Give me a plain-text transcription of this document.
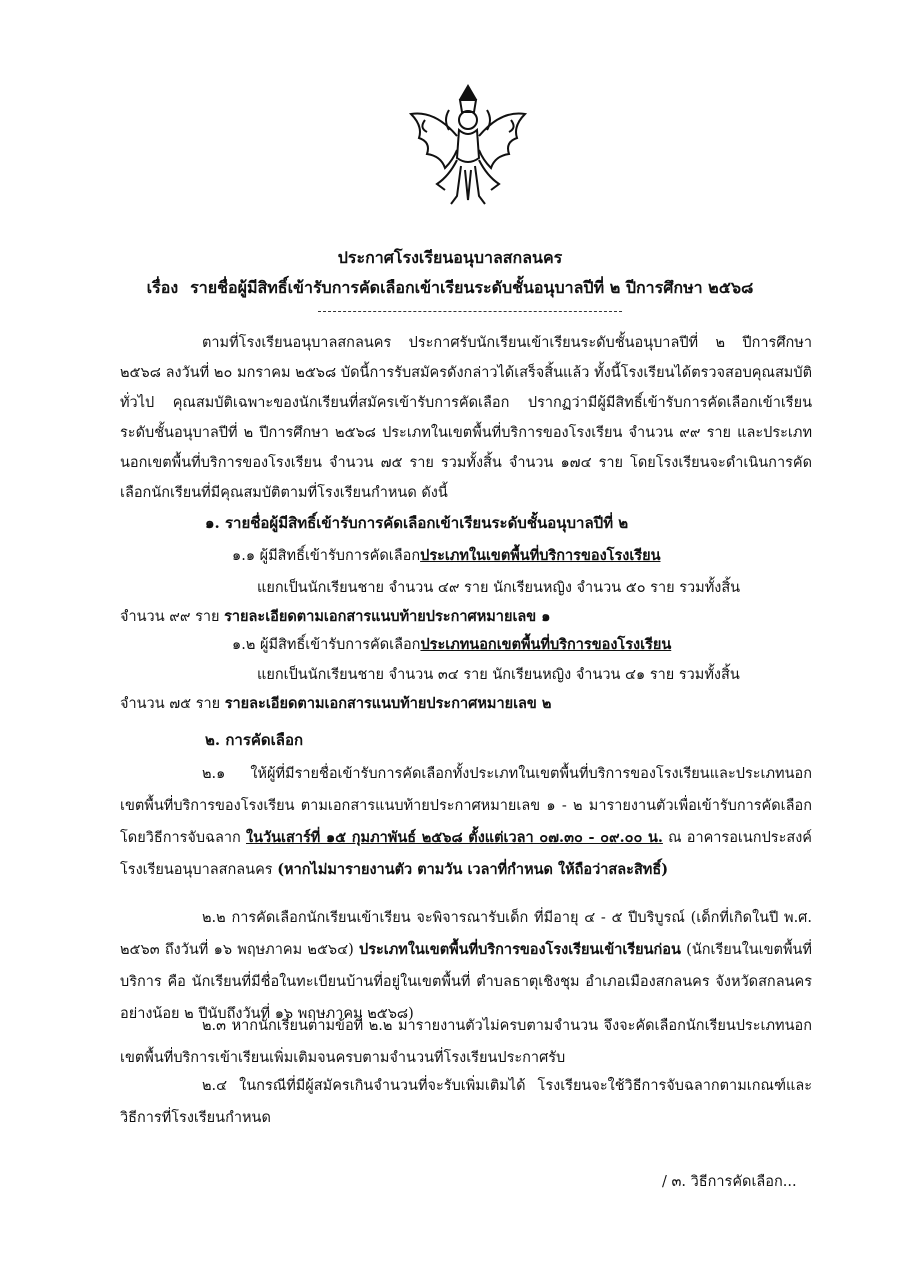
ประกาศโรงเรียนอนุบาลสกลนคร
เรื่อง รายชื่อผู้มีสิทธิ์เข้ารับการคัดเลือกเข้าเรียนระดับชั้นอนุบาลปีที่ ๒ ปีการศึกษา ๒๕๖๘
ตามที่โรงเรียนอนุบาลสกลนคร ประกาศรับนักเรียนเข้าเรียนระดับชั้นอนุบาลปีที่ ๒ ปีการศึกษา ๒๕๖๘ ลงวันที่ ๒๐ มกราคม ๒๕๖๘ บัดนี้การรับสมัครดังกล่าวได้เสร็จสิ้นแล้ว ทั้งนี้โรงเรียนได้ตรวจสอบคุณสมบัติทั่วไป คุณสมบัติเฉพาะของนักเรียนที่สมัครเข้ารับการคัดเลือก ปรากฏว่ามีผู้มีสิทธิ์เข้ารับการคัดเลือกเข้าเรียนระดับชั้นอนุบาลปีที่ ๒ ปีการศึกษา ๒๕๖๘ ประเภทในเขตพื้นที่บริการของโรงเรียน จำนวน ๙๙ ราย และประเภทนอกเขตพื้นที่บริการของโรงเรียน จำนวน ๗๕ ราย รวมทั้งสิ้น จำนวน ๑๗๔ ราย โดยโรงเรียนจะดำเนินการคัดเลือกนักเรียนที่มีคุณสมบัติตามที่โรงเรียนกำหนด ดังนี้
๑. รายชื่อผู้มีสิทธิ์เข้ารับการคัดเลือกเข้าเรียนระดับชั้นอนุบาลปีที่ ๒
๑.๑ ผู้มีสิทธิ์เข้ารับการคัดเลือกประเภทในเขตพื้นที่บริการของโรงเรียน
แยกเป็นนักเรียนชาย จำนวน ๔๙ ราย นักเรียนหญิง จำนวน ๕๐ ราย รวมทั้งสิ้น
จำนวน ๙๙ ราย รายละเอียดตามเอกสารแนบท้ายประกาศหมายเลข ๑
๑.๒ ผู้มีสิทธิ์เข้ารับการคัดเลือกประเภทนอกเขตพื้นที่บริการของโรงเรียน
แยกเป็นนักเรียนชาย จำนวน ๓๔ ราย นักเรียนหญิง จำนวน ๔๑ ราย รวมทั้งสิ้น
จำนวน ๗๕ ราย รายละเอียดตามเอกสารแนบท้ายประกาศหมายเลข ๒
๒. การคัดเลือก
๒.๑ ให้ผู้ที่มีรายชื่อเข้ารับการคัดเลือกทั้งประเภทในเขตพื้นที่บริการของโรงเรียนและประเภทนอกเขตพื้นที่บริการของโรงเรียน ตามเอกสารแนบท้ายประกาศหมายเลข ๑ - ๒ มารายงานตัวเพื่อเข้ารับการคัดเลือกโดยวิธีการจับฉลาก ในวันเสาร์ที่ ๑๕ กุมภาพันธ์ ๒๕๖๘ ตั้งแต่เวลา ๐๗.๓๐ - ๐๙.๐๐ น. ณ อาคารอเนกประสงค์ โรงเรียนอนุบาลสกลนคร (หากไม่มารายงานตัว ตามวัน เวลาที่กำหนด ให้ถือว่าสละสิทธิ์)
๒.๒ การคัดเลือกนักเรียนเข้าเรียน จะพิจารณารับเด็ก ที่มีอายุ ๔ - ๕ ปีบริบูรณ์ (เด็กที่เกิดในปี พ.ศ. ๒๕๖๓ ถึงวันที่ ๑๖ พฤษภาคม ๒๕๖๔) ประเภทในเขตพื้นที่บริการของโรงเรียนเข้าเรียนก่อน (นักเรียนในเขตพื้นที่บริการ คือ นักเรียนที่มีชื่อในทะเบียนบ้านที่อยู่ในเขตพื้นที่ ตำบลธาตุเชิงชุม อำเภอเมืองสกลนคร จังหวัดสกลนคร อย่างน้อย ๒ ปีนับถึงวันที่ ๑๖ พฤษภาคม ๒๕๖๘)
๒.๓ หากนักเรียนตามข้อที่ ๒.๒ มารายงานตัวไม่ครบตามจำนวน จึงจะคัดเลือกนักเรียนประเภทนอกเขตพื้นที่บริการเข้าเรียนเพิ่มเติมจนครบตามจำนวนที่โรงเรียนประกาศรับ
๒.๔ ในกรณีที่มีผู้สมัครเกินจำนวนที่จะรับเพิ่มเติมได้ โรงเรียนจะใช้วิธีการจับฉลากตามเกณฑ์และวิธีการที่โรงเรียนกำหนด
/ ๓. วิธีการคัดเลือก...
